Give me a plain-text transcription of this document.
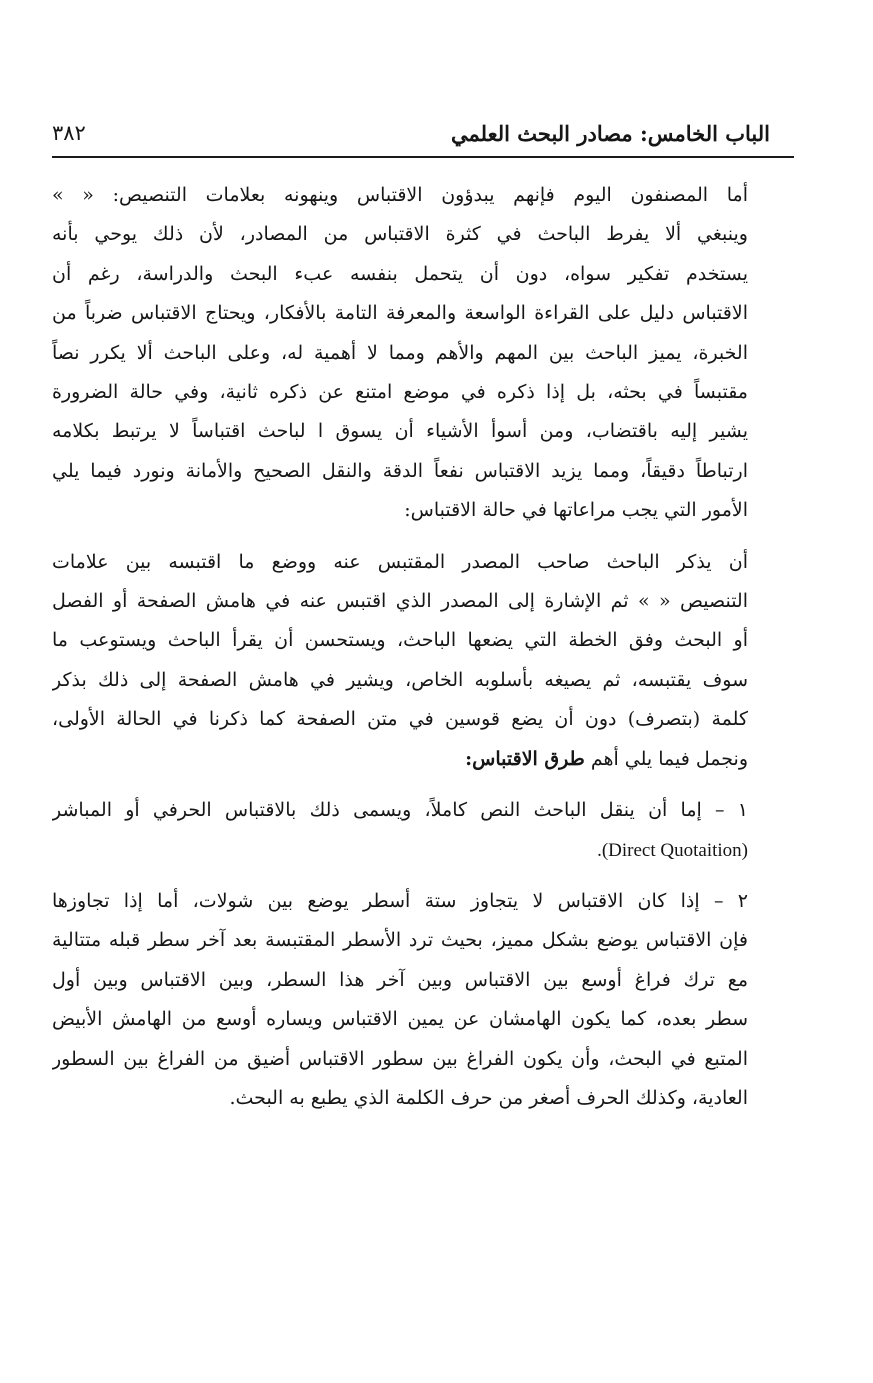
الباب الخامس: مصادر البحث العلمي
٣٨٢

أما المصنفون اليوم فإنهم يبدؤون الاقتباس وينهونه بعلامات التنصيص: « »
وينبغي ألا يفرط الباحث في كثرة الاقتباس من المصادر، لأن ذلك يوحي بأنه
يستخدم تفكير سواه، دون أن يتحمل بنفسه عبء البحث والدراسة، رغم أن
الاقتباس دليل على القراءة الواسعة والمعرفة التامة بالأفكار، ويحتاج الاقتباس ضرباً من
الخبرة، يميز الباحث بين المهم والأهم ومما لا أهمية له، وعلى الباحث ألا يكرر نصاً
مقتبساً في بحثه، بل إذا ذكره في موضع امتنع عن ذكره ثانية، وفي حالة الضرورة
يشير إليه باقتضاب، ومن أسوأ الأشياء أن يسوق ا لباحث اقتباساً لا يرتبط بكلامه
ارتباطاً دقيقاً، ومما يزيد الاقتباس نفعاً الدقة والنقل الصحيح والأمانة ونورد فيما يلي
الأمور التي يجب مراعاتها في حالة الاقتباس:

أن يذكر الباحث صاحب المصدر المقتبس عنه ووضع ما اقتبسه بين علامات
التنصيص « » ثم الإشارة إلى المصدر الذي اقتبس عنه في هامش الصفحة أو الفصل
أو البحث وفق الخطة التي يضعها الباحث، ويستحسن أن يقرأ الباحث ويستوعب ما
سوف يقتبسه، ثم يصيغه بأسلوبه الخاص، ويشير في هامش الصفحة إلى ذلك بذكر
كلمة (بتصرف) دون أن يضع قوسين في متن الصفحة كما ذكرنا في الحالة الأولى،
ونجمل فيما يلي أهم طرق الاقتباس:

١ – إما أن ينقل الباحث النص كاملاً، ويسمى ذلك بالاقتباس الحرفي أو المباشر
.(Direct Quotaition)

٢ – إذا كان الاقتباس لا يتجاوز ستة أسطر يوضع بين شولات، أما إذا تجاوزها
فإن الاقتباس يوضع بشكل مميز، بحيث ترد الأسطر المقتبسة بعد آخر سطر قبله متتالية
مع ترك فراغ أوسع بين الاقتباس وبين آخر هذا السطر، وبين الاقتباس وبين أول
سطر بعده، كما يكون الهامشان عن يمين الاقتباس ويساره أوسع من الهامش الأبيض
المتبع في البحث، وأن يكون الفراغ بين سطور الاقتباس أضيق من الفراغ بين السطور
العادية، وكذلك الحرف أصغر من حرف الكلمة الذي يطبع به البحث.
